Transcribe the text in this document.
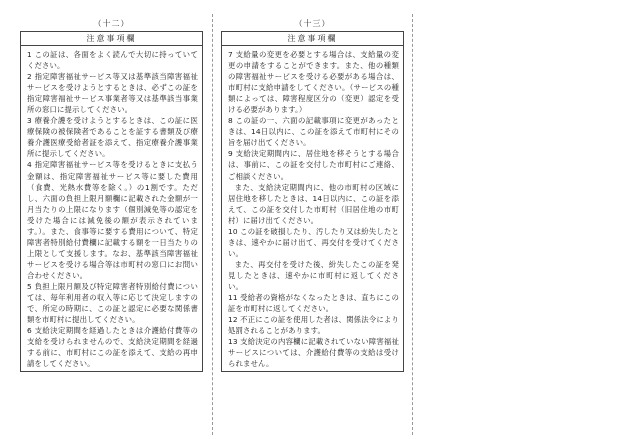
（十二）
注意事項欄
1 この証は、各面をよく読んで大切に持っていてください。
2 指定障害福祉サービス等又は基準該当障害福祉サービスを受けようとするときは、必ずこの証を指定障害福祉サービス事業者等又は基準該当事業所の窓口に提示してください。
3 療養介護を受けようとするときは、この証に医療保険の被保険者であることを証する書類及び療養介護医療受給者証を添えて、指定療養介護事業所に提示してください。
4 指定障害福祉サービス等を受けるときに支払う金額は、指定障害福祉サービス等に要した費用（食費、光熱水費等を除く。）の1割です。ただし、六面の負担上限月額欄に記載された金額が一月当たりの上限になります（個別減免等の認定を受けた場合には減免後の額が表示されています。）。また、食事等に要する費用について、特定障害者特別給付費欄に記載する額を一日当たりの上限として支援します。なお、基準該当障害福祉サービスを受ける場合等は市町村の窓口にお問い合わせください。
5 負担上限月額及び特定障害者特別給付費については、毎年利用者の収入等に応じて決定しますので、所定の時期に、この証と認定に必要な関係書類を市町村に提出してください。
6 支給決定期間を経過したときは介護給付費等の支給を受けられませんので、支給決定期間を経過する前に、市町村にこの証を添えて、支給の再申請をしてください。
（十三）
注意事項欄
7 支給量の変更を必要とする場合は、支給量の変更の申請をすることができます。また、他の種類の障害福祉サービスを受ける必要がある場合は、市町村に支給申請をしてください。（サービスの種類によっては、障害程度区分の（変更）認定を受ける必要があります。）
8 この証の一、六面の記載事項に変更があったときは、14日以内に、この証を添えて市町村にその旨を届け出てください。
9 支給決定期間内に、居住地を移そうとする場合は、事前に、この証を交付した市町村にご連絡、ご相談ください。
また、支給決定期間内に、他の市町村の区域に居住地を移したときは、14日以内に、この証を添えて、この証を交付した市町村（旧居住地の市町村）に届け出てください。
10 この証を破損したり、汚したり又は紛失したときは、速やかに届け出て、再交付を受けてください。
また、再交付を受けた後、紛失したこの証を発見したときは、速やかに市町村に返してください。
11 受給者の資格がなくなったときは、直ちにこの証を市町村に返してください。
12 不正にこの証を使用した者は、関係法令により処罰されることがあります。
13 支給決定の内容欄に記載されていない障害福祉サービスについては、介護給付費等の支給は受けられません。
